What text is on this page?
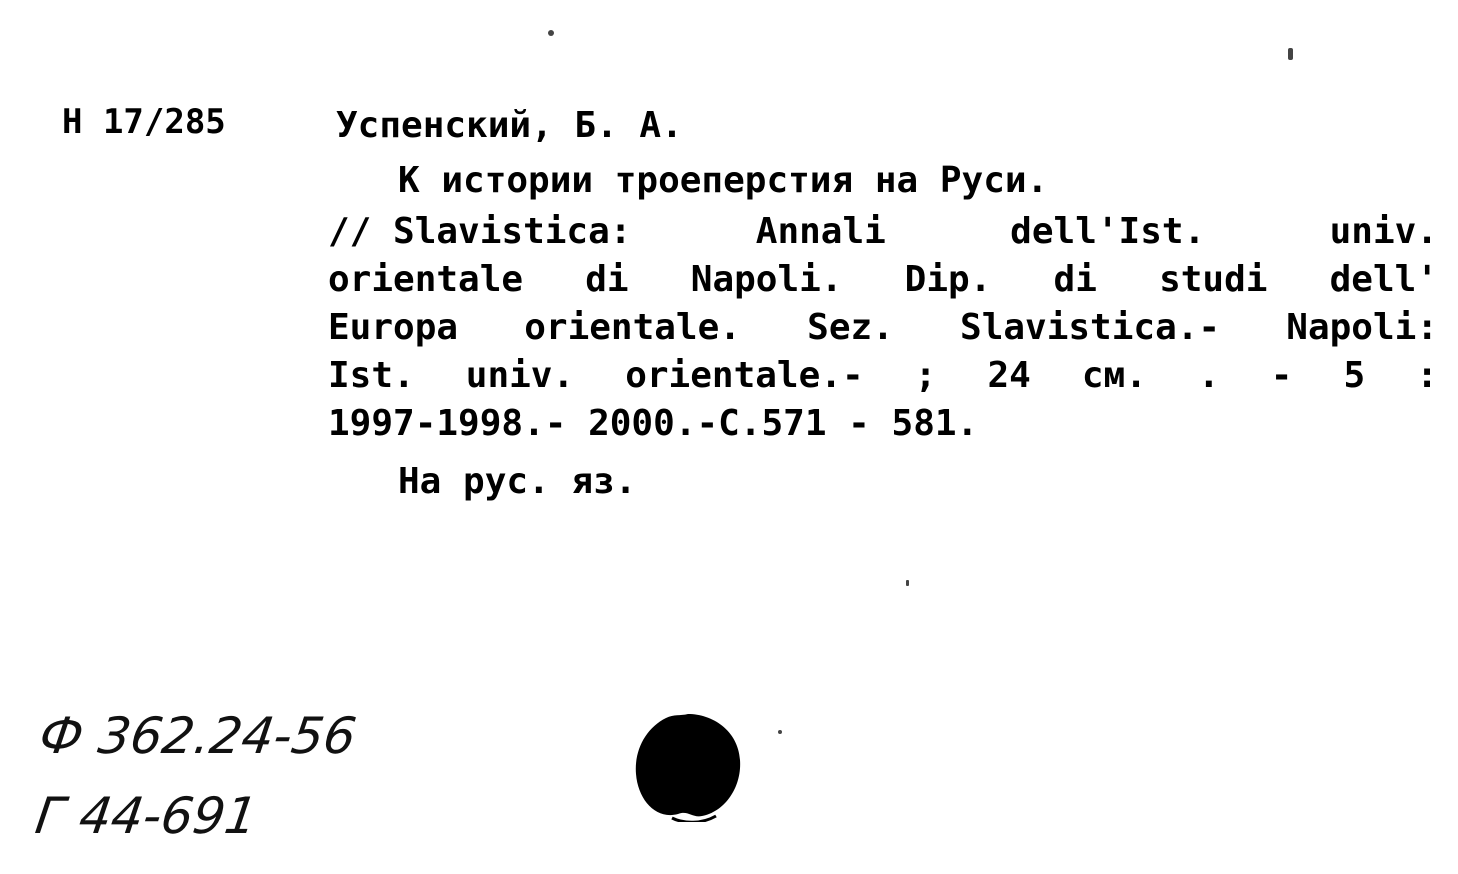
H 17/285	Успенский, Б. А.
К истории троеперстия на Руси.
// Slavistica:	Annali	dell'Ist.	univ.
orientale di Napoli. Dip. di studi dell'
Europa orientale. Sez. Slavistica.- Napoli:
Ist. univ. orientale.- ; 24 см. . - 5 :
1997-1998.- 2000.-C.571 - 581.
На рус. яз.
Ф 362.24-56
Г 44-691
